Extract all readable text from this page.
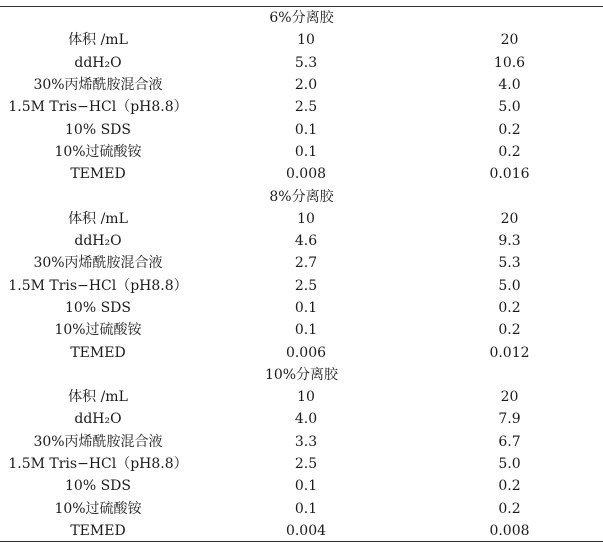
6%分离胶		
体积 /mL	10	20
ddH₂O	5.3	10.6
30%丙烯酰胺混合液	2.0	4.0
1.5M Tris−HCl（pH8.8）	2.5	5.0
10% SDS	0.1	0.2
10%过硫酸铵	0.1	0.2
TEMED	0.008	0.016
8%分离胶		
体积 /mL	10	20
ddH₂O	4.6	9.3
30%丙烯酰胺混合液	2.7	5.3
1.5M Tris−HCl（pH8.8）	2.5	5.0
10% SDS	0.1	0.2
10%过硫酸铵	0.1	0.2
TEMED	0.006	0.012
10%分离胶		
体积 /mL	10	20
ddH₂O	4.0	7.9
30%丙烯酰胺混合液	3.3	6.7
1.5M Tris−HCl（pH8.8）	2.5	5.0
10% SDS	0.1	0.2
10%过硫酸铵	0.1	0.2
TEMED	0.004	0.008
